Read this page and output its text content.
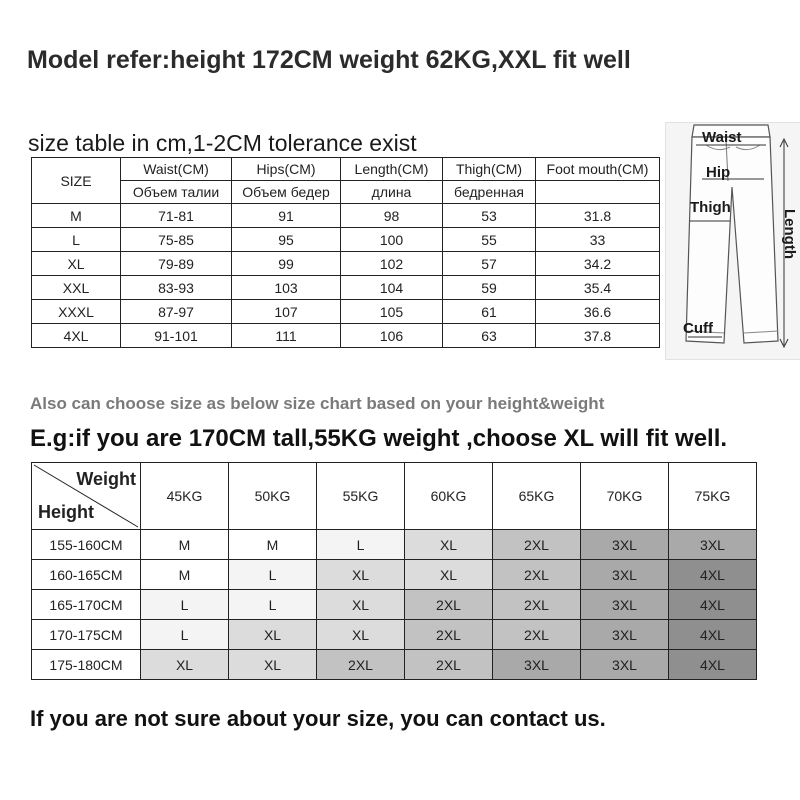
Model refer:height 172CM weight 62KG,XXL fit well
size table in cm,1-2CM tolerance exist
SIZE	Waist(CM)	Hips(CM)	Length(CM)	Thigh(CM)	Foot mouth(CM)
	Объем талии	Объем бедер	длина	бедренная	
M	71-81	91	98	53	31.8
L	75-85	95	100	55	33
XL	79-89	99	102	57	34.2
XXL	83-93	103	104	59	35.4
XXXL	87-97	107	105	61	36.6
4XL	91-101	111	106	63	37.8
Waist
Hip
Thigh
Cuff
Length
Also can choose size as below size chart based on your height&weight
E.g:if you are 170CM tall,55KG weight ,choose XL will fit well.
Weight
Height	45KG	50KG	55KG	60KG	65KG	70KG	75KG
155-160CM	M	M	L	XL	2XL	3XL	3XL
160-165CM	M	L	XL	XL	2XL	3XL	4XL
165-170CM	L	L	XL	2XL	2XL	3XL	4XL
170-175CM	L	XL	XL	2XL	2XL	3XL	4XL
175-180CM	XL	XL	2XL	2XL	3XL	3XL	4XL
If you are not sure about your size, you can contact us.
